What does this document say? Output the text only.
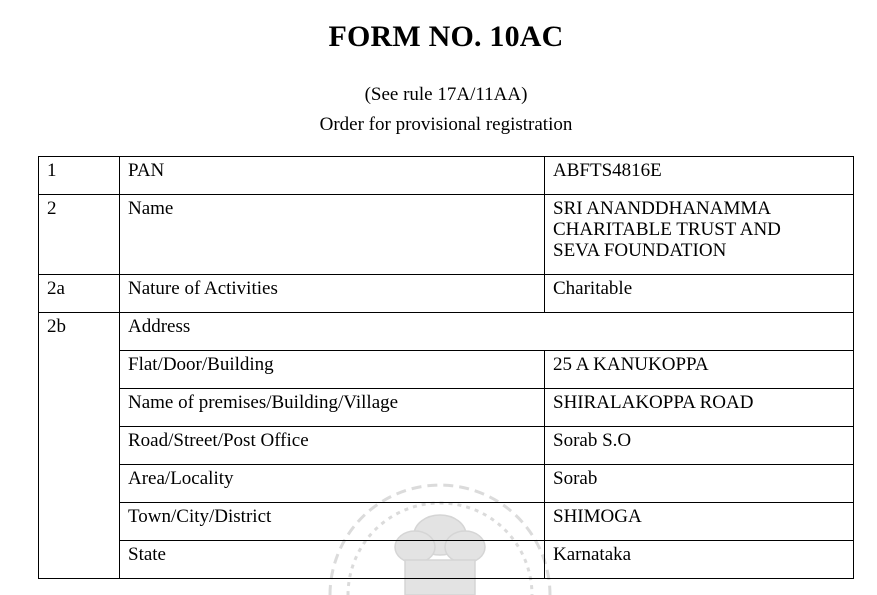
FORM NO. 10AC
(See rule 17A/11AA)
Order for provisional registration
1	PAN	ABFTS4816E
2	Name	SRI ANANDDHANAMMA
CHARITABLE TRUST AND
SEVA FOUNDATION

2a	Nature of Activities	Charitable
2b	Address	
	Flat/Door/Building	25 A KANUKOPPA
	Name of premises/Building/Village	SHIRALAKOPPA ROAD
	Road/Street/Post Office	Sorab S.O
	Area/Locality	Sorab
	Town/City/District	SHIMOGA
	State	Karnataka
